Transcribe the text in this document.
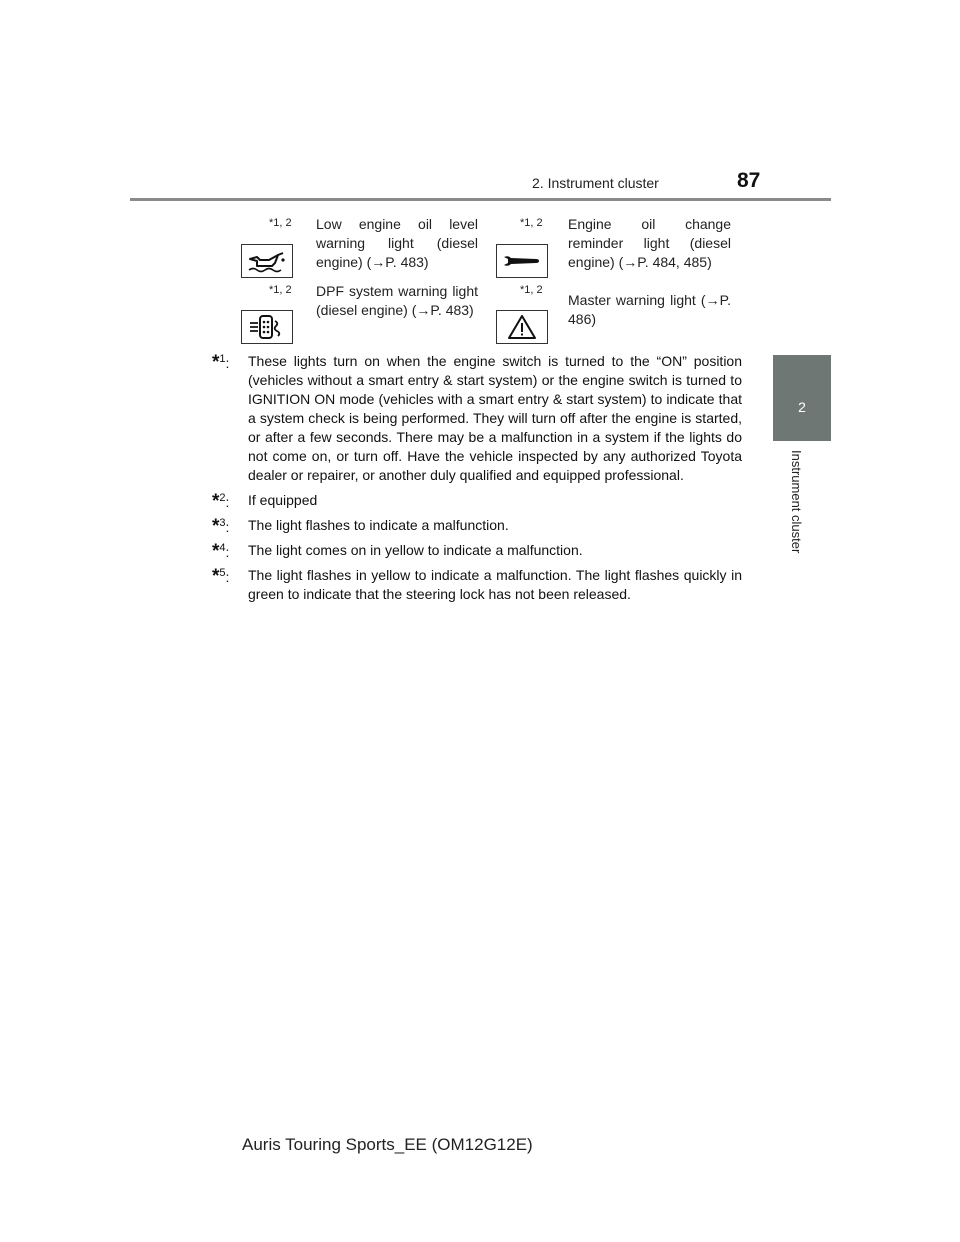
2. Instrument cluster	87
2
Instrument cluster
*1, 2 Low engine oil level warning light (diesel engine) (→P. 483)
*1, 2 Engine oil change reminder light (diesel engine) (→P. 484, 485)
*1, 2 DPF system warning light (diesel engine) (→P. 483)
*1, 2
Master warning light (→P. 486)
*$^1$: These lights turn on when the engine switch is turned to the “ON” position (vehicles without a smart entry & start system) or the engine switch is turned to IGNITION ON mode (vehicles with a smart entry & start system) to indicate that a system check is being performed. They will turn off after the engine is started, or after a few seconds. There may be a malfunction in a system if the lights do not come on, or turn off. Have the vehicle inspected by any authorized Toyota dealer or repairer, or another duly qualified and equipped professional.
*$^2$: If equipped
*$^3$: The light flashes to indicate a malfunction.
*$^4$: The light comes on in yellow to indicate a malfunction.
*$^5$: The light flashes in yellow to indicate a malfunction. The light flashes quickly in green to indicate that the steering lock has not been released.
Auris Touring Sports_EE (OM12G12E)
